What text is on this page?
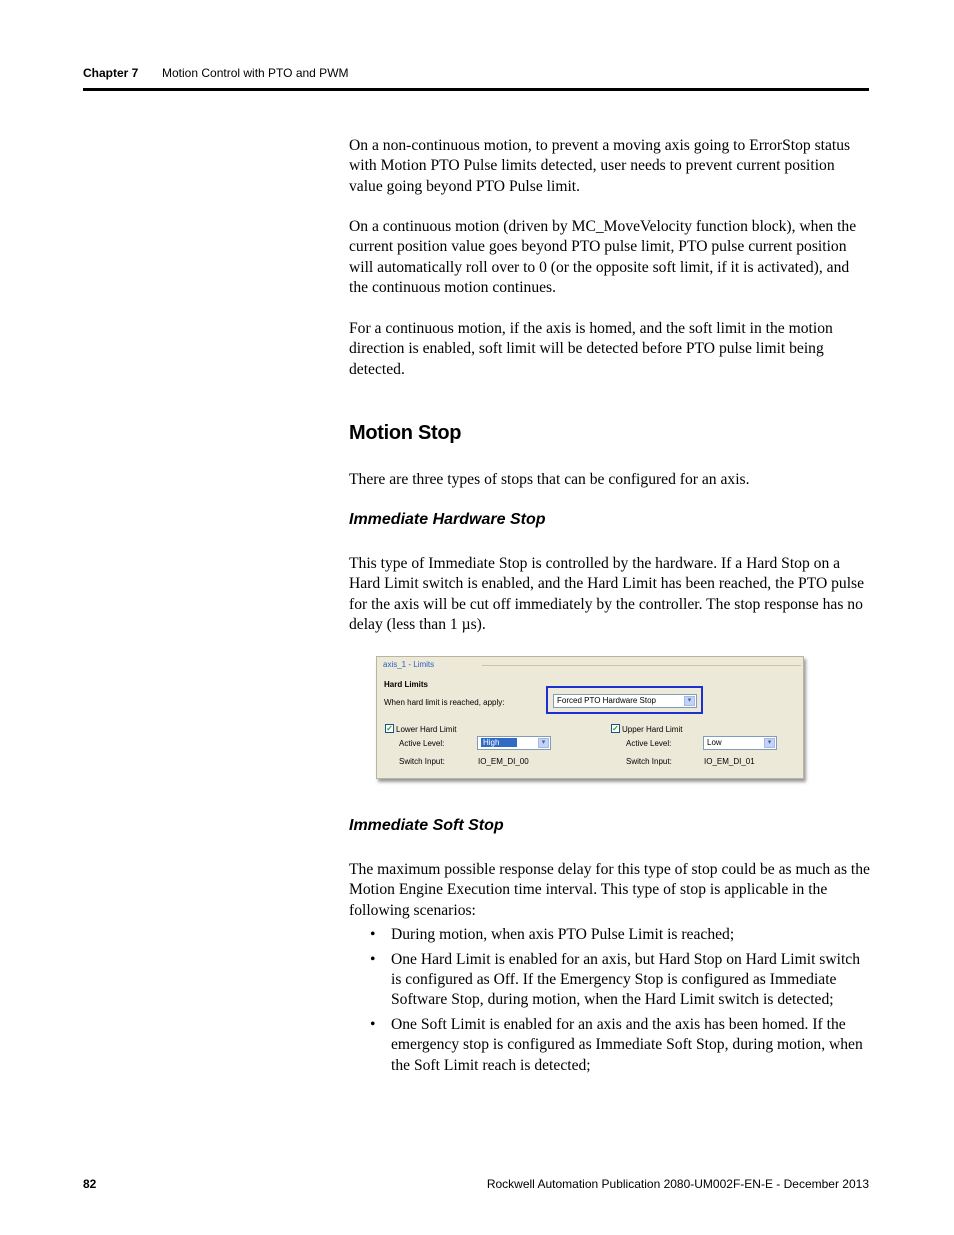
Chapter 7 Motion Control with PTO and PWM

On a non-continuous motion, to prevent a moving axis going to ErrorStop status with Motion PTO Pulse limits detected, user needs to prevent current position value going beyond PTO Pulse limit.

On a continuous motion (driven by MC_MoveVelocity function block), when the current position value goes beyond PTO pulse limit, PTO pulse current position will automatically roll over to 0 (or the opposite soft limit, if it is activated), and the continuous motion continues.

For a continuous motion, if the axis is homed, and the soft limit in the motion direction is enabled, soft limit will be detected before PTO pulse limit being detected.

Motion Stop

There are three types of stops that can be configured for an axis.

Immediate Hardware Stop

This type of Immediate Stop is controlled by the hardware. If a Hard Stop on a Hard Limit switch is enabled, and the Hard Limit has been reached, the PTO pulse for the axis will be cut off immediately by the controller. The stop response has no delay (less than 1 µs).

axis_1 - Limits
Hard Limits
When hard limit is reached, apply:	Forced PTO Hardware Stop	▾
✓ Lower Hard Limit
Active Level:	High	▾
Switch Input:	IO_EM_DI_00
✓ Upper Hard Limit
Active Level:	Low	▾
Switch Input:	IO_EM_DI_01
Immediate Soft Stop

The maximum possible response delay for this type of stop could be as much as the Motion Engine Execution time interval. This type of stop is applicable in the following scenarios:

• During motion, when axis PTO Pulse Limit is reached;
• One Hard Limit is enabled for an axis, but Hard Stop on Hard Limit switch is configured as Off. If the Emergency Stop is configured as Immediate Software Stop, during motion, when the Hard Limit switch is detected;
• One Soft Limit is enabled for an axis and the axis has been homed. If the emergency stop is configured as Immediate Soft Stop, during motion, when the Soft Limit reach is detected;
82	Rockwell Automation Publication 2080-UM002F-EN-E - December 2013
